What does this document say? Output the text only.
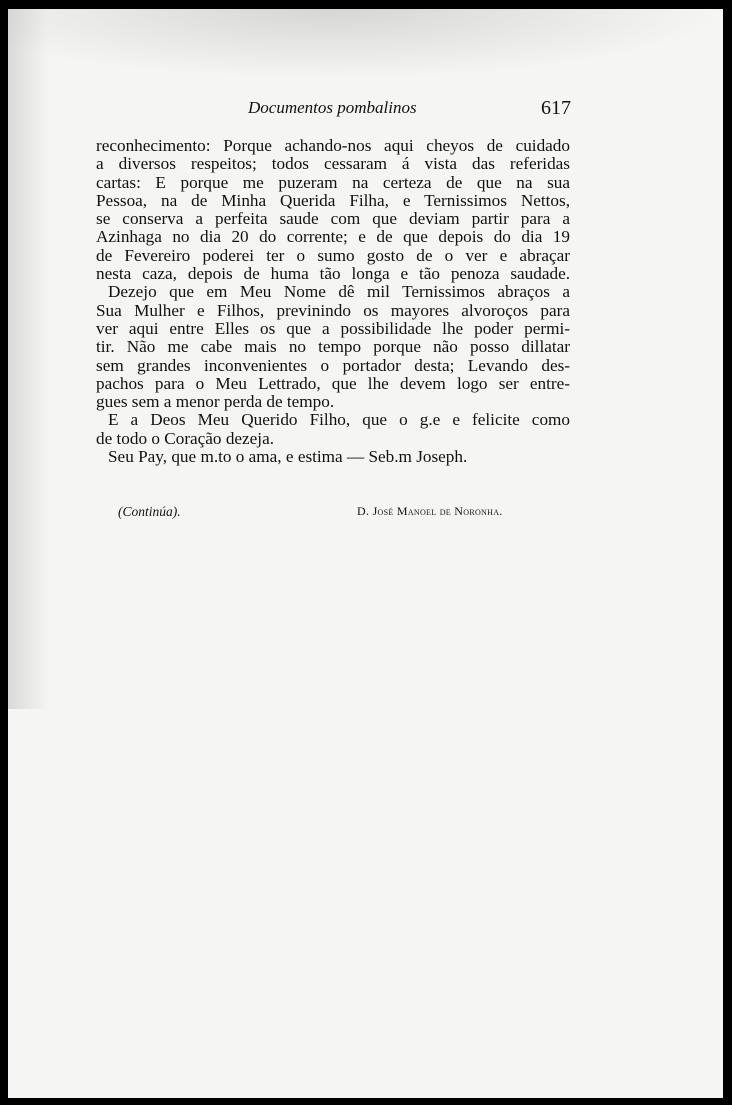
Documentos pombalinos	617
reconhecimento: Porque achando-nos aqui cheyos de cuidado
a diversos respeitos; todos cessaram á vista das referidas
cartas: E porque me puzeram na certeza de que na sua
Pessoa, na de Minha Querida Filha, e Ternissimos Nettos,
se conserva a perfeita saude com que deviam partir para a
Azinhaga no dia 20 do corrente; e de que depois do dia 19
de Fevereiro poderei ter o sumo gosto de o ver e abraçar
nesta caza, depois de huma tão longa e tão penoza saudade.
Dezejo que em Meu Nome dê mil Ternissimos abraços a
Sua Mulher e Filhos, previnindo os mayores alvoroços para
ver aqui entre Elles os que a possibilidade lhe poder permi-
tir. Não me cabe mais no tempo porque não posso dillatar
sem grandes inconvenientes o portador desta; Levando des-
pachos para o Meu Lettrado, que lhe devem logo ser entre-
gues sem a menor perda de tempo.
E a Deos Meu Querido Filho, que o g.e e felicite como
de todo o Coração dezeja.
Seu Pay, que m.to o ama, e estima — Seb.m Joseph.
(Continúa).	D. José Manoel de Noronha.
